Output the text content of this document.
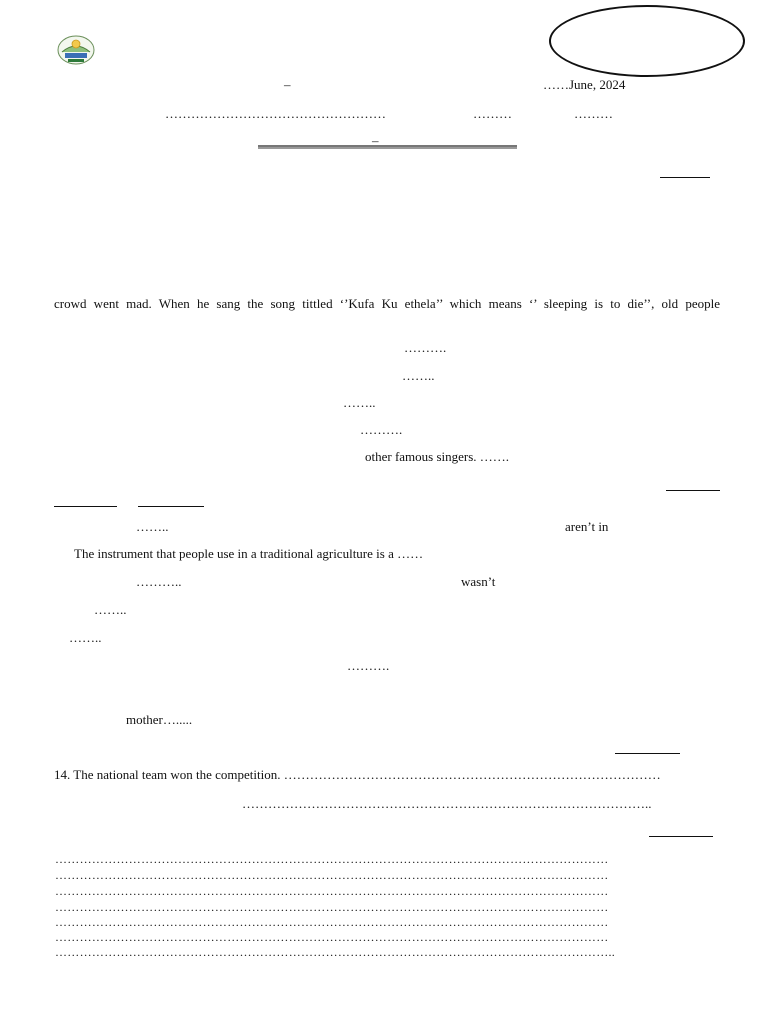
–	……June, 2024
……………………………………………	………	………
–
crowd went mad. When he sang the song tittled ‘’Kufa Ku ethela’’ which means ‘’ sleeping is to die’’, old people
……….
……..
……..
……….
other famous singers. …….
……..	aren’t in
The instrument that people use in a traditional agriculture is a ……
………..	wasn’t
……..
……..
……….
mother….....
14. The national team won the competition. ……………………………………………………………………………
…………………………………………………………………………………..
………………………………………………………………………………………………………………………
………………………………………………………………………………………………………………………
………………………………………………………………………………………………………………………
………………………………………………………………………………………………………………………
………………………………………………………………………………………………………………………
………………………………………………………………………………………………………………………
………………………………………………………………………………………………………………………..
